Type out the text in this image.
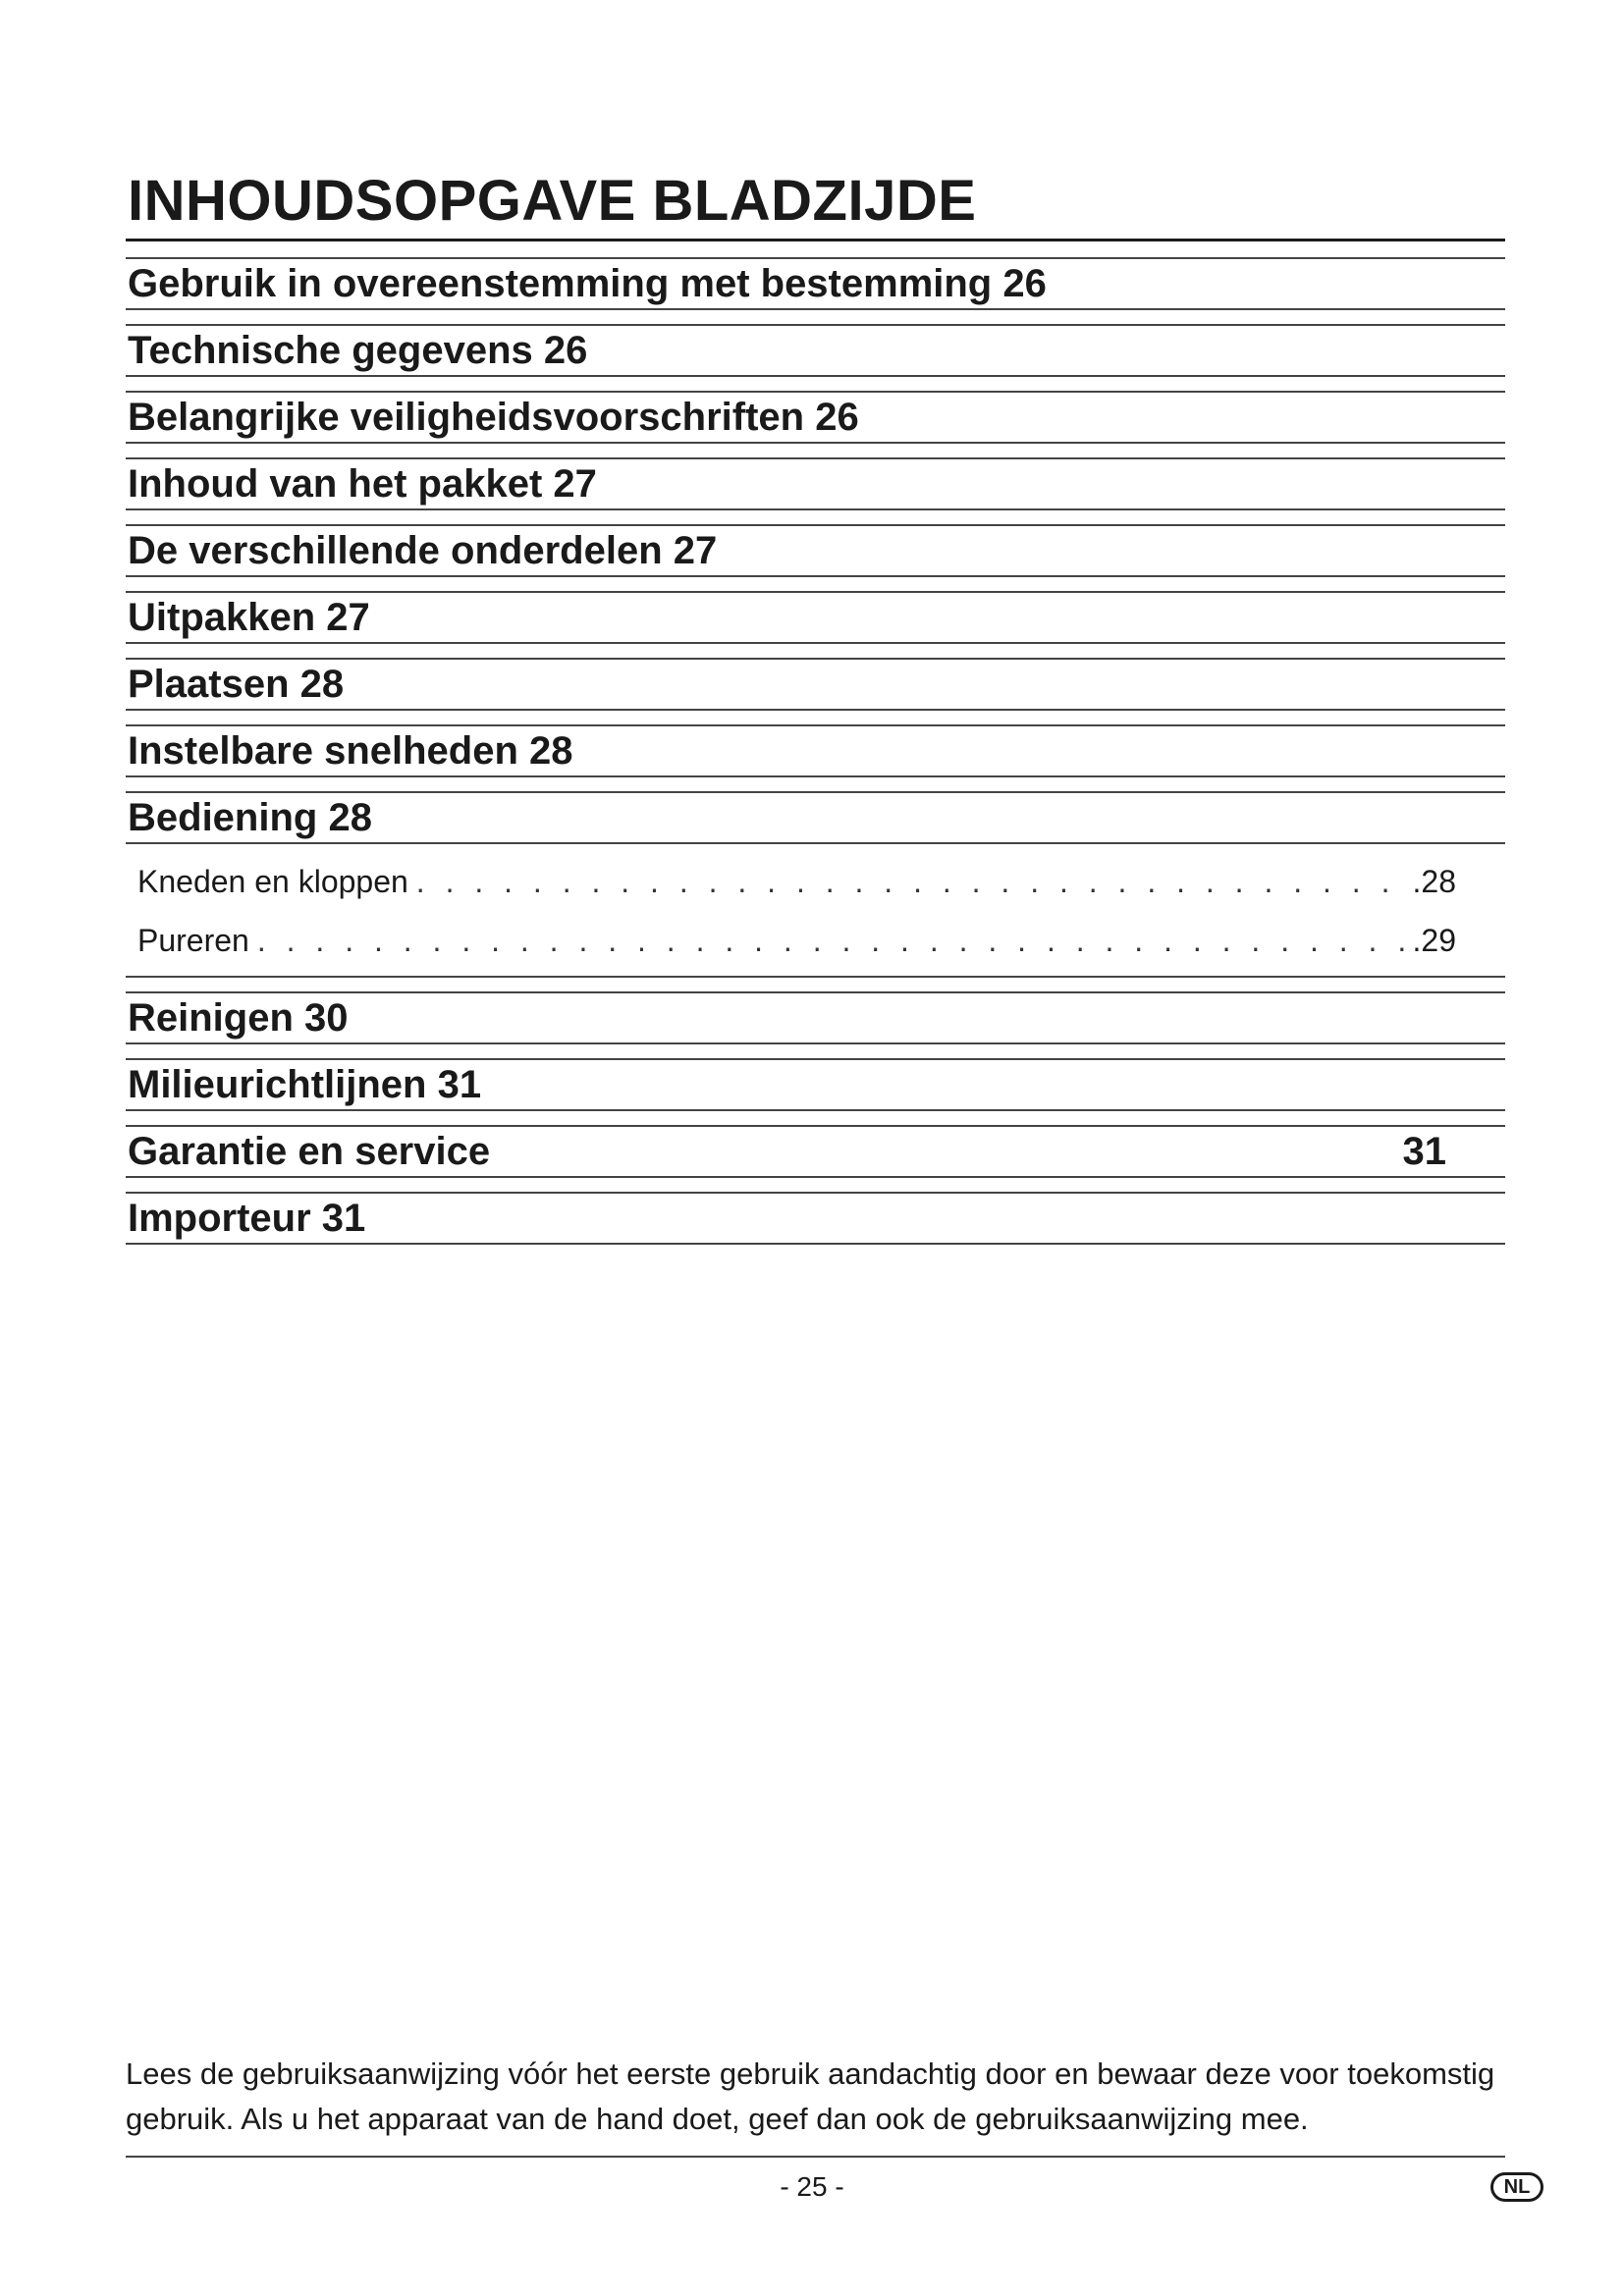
INHOUDSOPGAVE BLADZIJDE
Gebruik in overeenstemming met bestemming 26
Technische gegevens 26
Belangrijke veiligheidsvoorschriften 26
Inhoud van het pakket 27
De verschillende onderdelen 27
Uitpakken 27
Plaatsen 28
Instelbare snelheden 28
Bediening 28
Kneden en kloppen . . .	.28
Pureren . . .	.29
Reinigen 30
Milieurichtlijnen 31
Garantie en service	31
Importeur 31
Lees de gebruiksaanwijzing vóór het eerste gebruik aandachtig door en bewaar deze voor toekomstig gebruik. Als u het apparaat van de hand doet, geef dan ook de gebruiksaanwijzing mee.
- 25 -	NL
